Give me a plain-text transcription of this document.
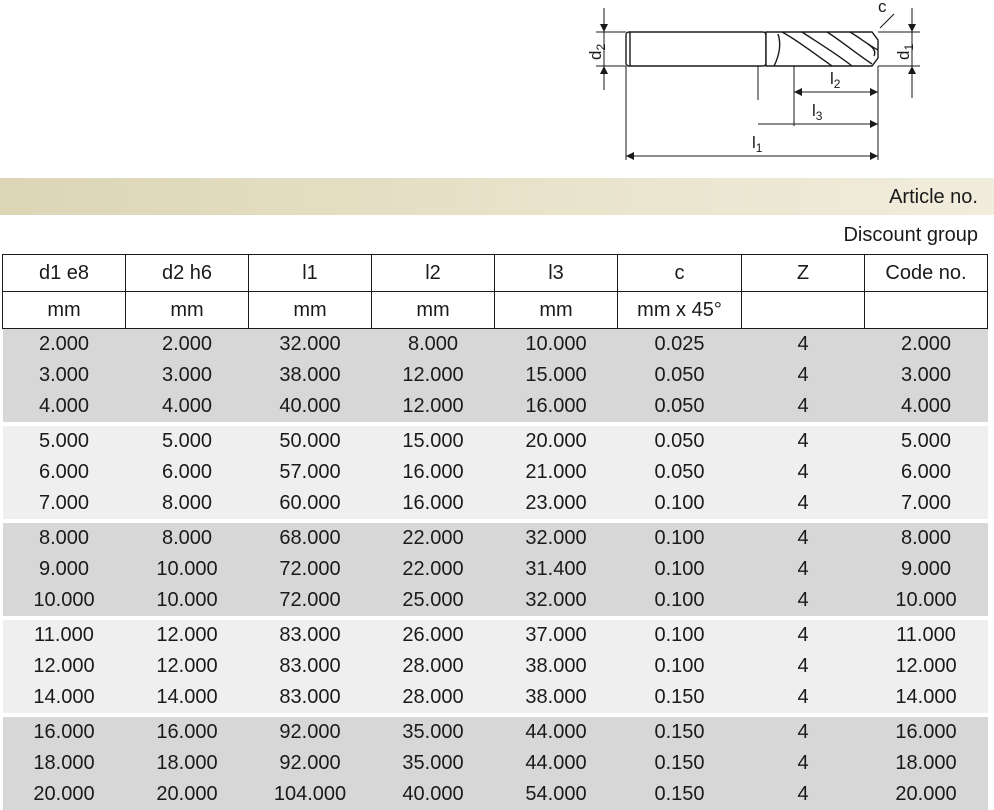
c
$d_2$
$d_1$
$l_2$
$l_3$
$l_1$
Article no.
Discount group
d1 e8	d2 h6	l1	l2	l3	c	Z	Code no.
mm	mm	mm	mm	mm	mm x 45°		
2.000	2.000	32.000	8.000	10.000	0.025	4	2.000
3.000	3.000	38.000	12.000	15.000	0.050	4	3.000
4.000	4.000	40.000	12.000	16.000	0.050	4	4.000
5.000	5.000	50.000	15.000	20.000	0.050	4	5.000
6.000	6.000	57.000	16.000	21.000	0.050	4	6.000
7.000	8.000	60.000	16.000	23.000	0.100	4	7.000
8.000	8.000	68.000	22.000	32.000	0.100	4	8.000
9.000	10.000	72.000	22.000	31.400	0.100	4	9.000
10.000	10.000	72.000	25.000	32.000	0.100	4	10.000
11.000	12.000	83.000	26.000	37.000	0.100	4	11.000
12.000	12.000	83.000	28.000	38.000	0.100	4	12.000
14.000	14.000	83.000	28.000	38.000	0.150	4	14.000
16.000	16.000	92.000	35.000	44.000	0.150	4	16.000
18.000	18.000	92.000	35.000	44.000	0.150	4	18.000
20.000	20.000	104.000	40.000	54.000	0.150	4	20.000
